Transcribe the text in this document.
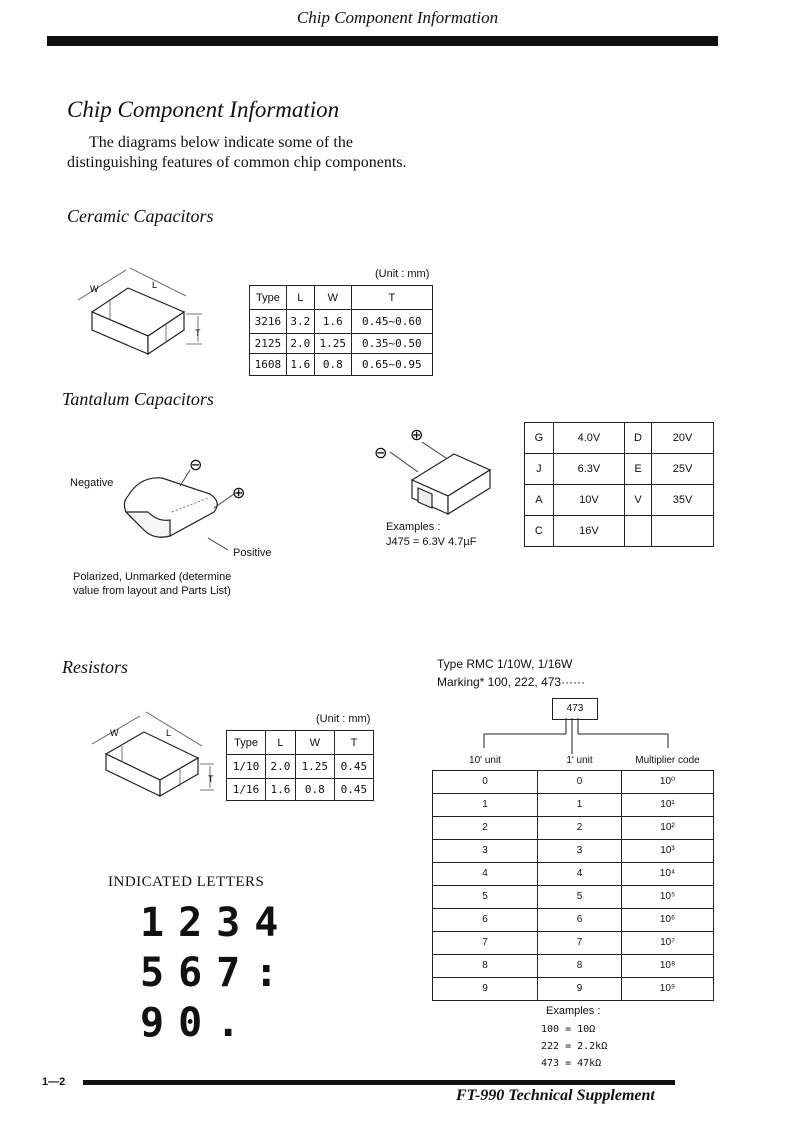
Chip Component Information
Chip Component Information
The diagrams below indicate some of the distinguishing features of common chip components.
Ceramic Capacitors
W	L
T
(Unit : mm)
Type	L	W	T
3216	3.2	1.6	0.45~0.60
2125	2.0	1.25	0.35~0.50
1608	1.6	0.8	0.65~0.95
Tantalum Capacitors
⊖
⊕
Negative
Positive
Polarized, Unmarked (determine value from layout and Parts List)
⊕
⊖
Examples :
J475 = 6.3V 4.7µF
G	4.0V	D	20V
J	6.3V	E	25V
A	10V	V	35V
C	16V		
Resistors
W	L
T
(Unit : mm)
Type	L	W	T
1/10	2.0	1.25	0.45
1/16	1.6	0.8	0.45
Type RMC 1/10W, 1/16W
Marking* 100, 222, 473······
473
10' unit	1' unit	Multiplier code
0	0	10⁰
1	1	10¹
2	2	10²
3	3	10³
4	4	10⁴
5	5	10⁵
6	6	10⁶
7	7	10⁷
8	8	10⁸
9	9	10⁹
Examples :
100 = 10Ω
222 = 2.2kΩ
473 = 47kΩ
INDICATED LETTERS
1234
567:
90.
1—2
FT-990 Technical Supplement
